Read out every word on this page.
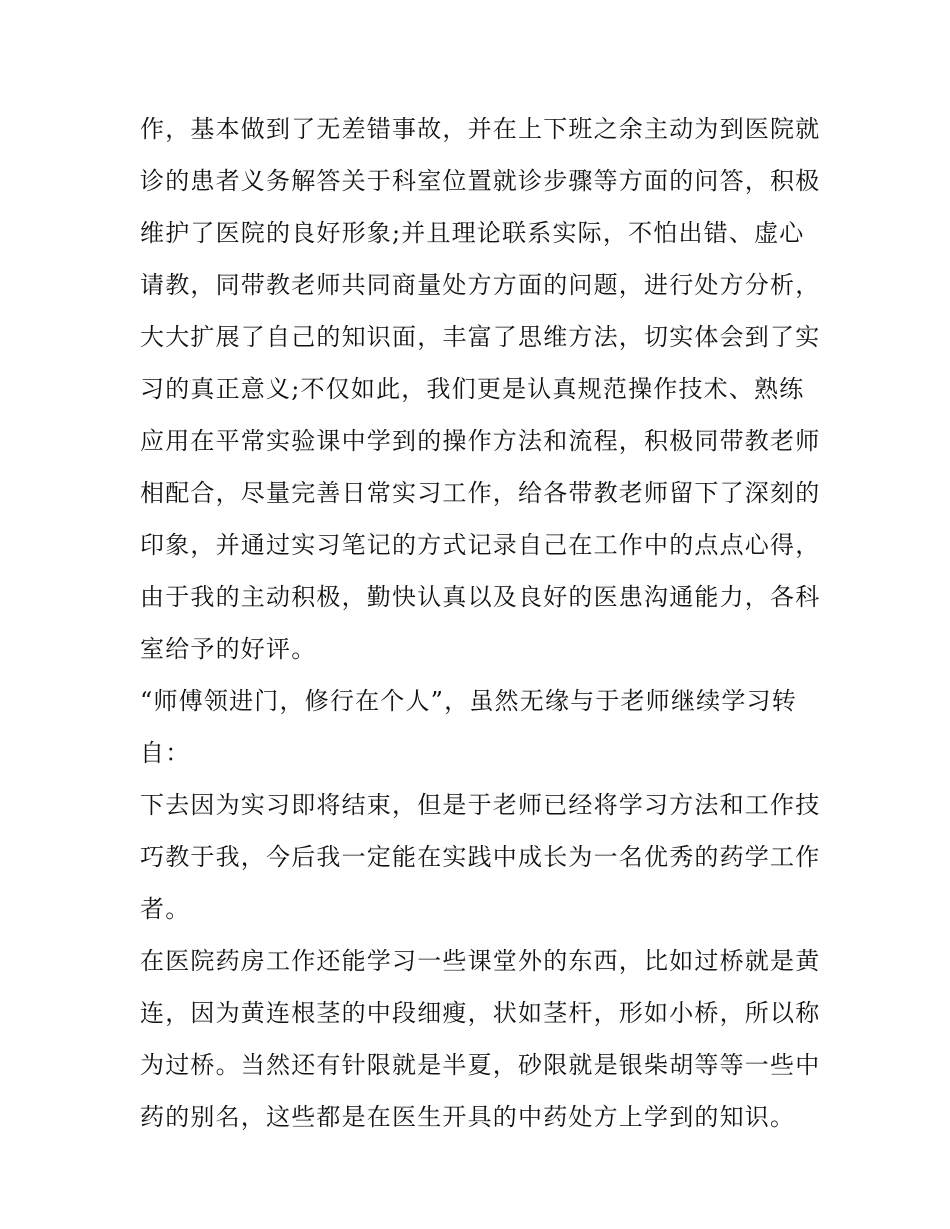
作，基本做到了无差错事故，并在上下班之余主动为到医院就
诊的患者义务解答关于科室位置就诊步骤等方面的问答，积极
维护了医院的良好形象;并且理论联系实际，不怕出错、虚心
请教，同带教老师共同商量处方方面的问题，进行处方分析，
大大扩展了自己的知识面，丰富了思维方法，切实体会到了实
习的真正意义;不仅如此，我们更是认真规范操作技术、熟练
应用在平常实验课中学到的操作方法和流程，积极同带教老师
相配合，尽量完善日常实习工作，给各带教老师留下了深刻的
印象，并通过实习笔记的方式记录自己在工作中的点点心得，
由于我的主动积极，勤快认真以及良好的医患沟通能力，各科
室给予的好评。
“师傅领进门，修行在个人”，虽然无缘与于老师继续学习转
自：
下去因为实习即将结束，但是于老师已经将学习方法和工作技
巧教于我，今后我一定能在实践中成长为一名优秀的药学工作
者。
在医院药房工作还能学习一些课堂外的东西，比如过桥就是黄
连，因为黄连根茎的中段细瘦，状如茎杆，形如小桥，所以称
为过桥。当然还有针限就是半夏，砂限就是银柴胡等等一些中
药的别名，这些都是在医生开具的中药处方上学到的知识。
